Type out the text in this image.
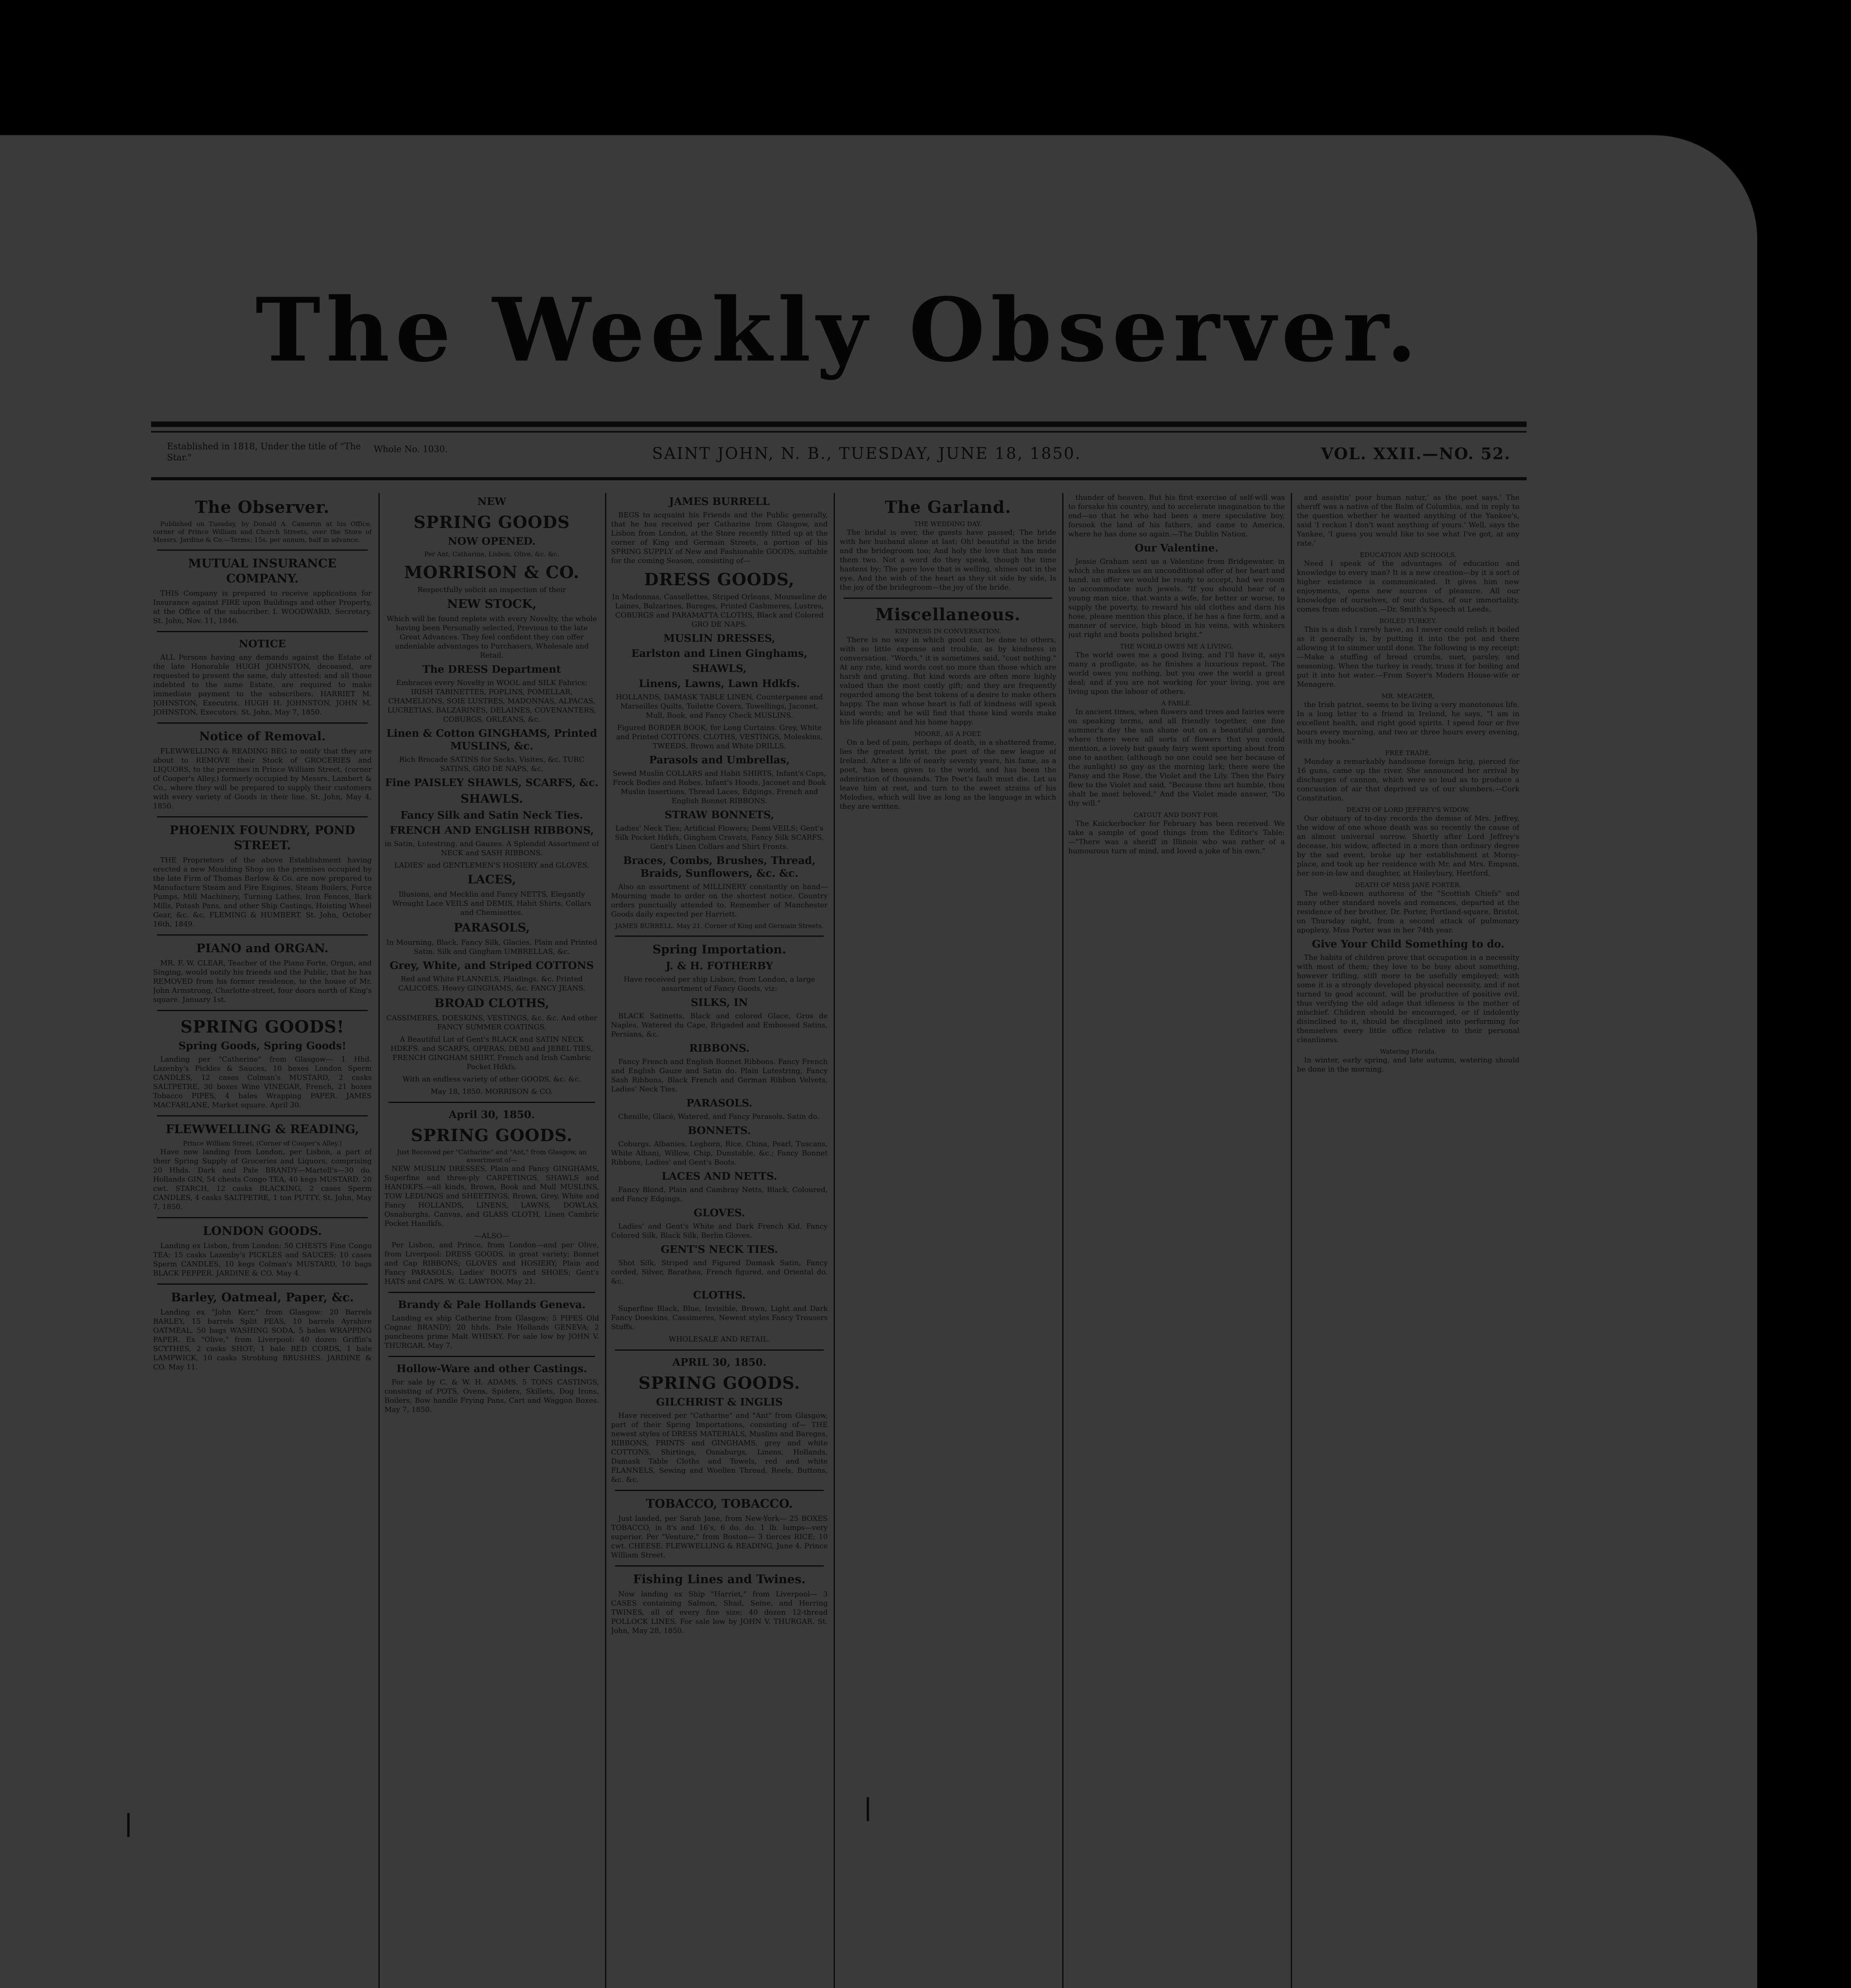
The Weekly Observer.
Established in 1818, Under the title of "The Star."
Whole No. 1030.	SAINT JOHN, N. B., TUESDAY, JUNE 18, 1850.	VOL. XXII.—NO. 52.
The Observer.

Published on Tuesday, by Donald A. Cameron at his Office, corner of Prince William and Church Streets, over the Store of Messrs. Jardine & Co.—Terms: 15s. per annum, half in advance.

MUTUAL INSURANCE COMPANY.

THIS Company is prepared to receive applications for Insurance against FIRE upon Buildings and other Property, at the Office of the subscriber. I. WOODWARD, Secretary. St. John, Nov. 11, 1846.

NOTICE

ALL Persons having any demands against the Estate of the late Honorable HUGH JOHNSTON, deceased, are requested to present the same, duly attested; and all those indebted to the same Estate, are required to make immediate payment to the subscribers. HARRIET M. JOHNSTON, Executrix. HUGH H. JOHNSTON, JOHN M. JOHNSTON, Executors. St. John, May 7, 1850.

Notice of Removal.

FLEWWELLING & READING BEG to notify that they are about to REMOVE their Stock of GROCERIES and LIQUORS, to the premises in Prince William Street, (corner of Cooper's Alley,) formerly occupied by Messrs. Lambert & Co., where they will be prepared to supply their customers with every variety of Goods in their line. St. John, May 4, 1850.

PHOENIX FOUNDRY, POND STREET.

THE Proprietors of the above Establishment having erected a new Moulding Shop on the premises occupied by the late Firm of Thomas Barlow & Co. are now prepared to Manufacture Steam and Fire Engines, Steam Boilers, Force Pumps, Mill Machinery, Turning Lathes, Iron Fences, Bark Mills, Potash Pans, and other Ship Castings, Hoisting Wheel Gear, &c. &c. FLEMING & HUMBERT. St. John, October 16th, 1849.

PIANO and ORGAN.

MR. F. W. CLEAR, Teacher of the Piano Forte, Organ, and Singing, would notify his friends and the Public, that he has REMOVED from his former residence, to the house of Mr. John Armstrong, Charlotte-street, four doors north of King's square. January 1st.

SPRING GOODS!
Spring Goods, Spring Goods!

Landing per "Catherine" from Glasgow— 1 Hhd. Lazenby's Pickles & Sauces, 10 boxes London Sperm CANDLES, 12 cases Colman's MUSTARD, 2 casks SALTPETRE, 30 boxes Wine VINEGAR, French, 21 boxes Tobacco PIPES, 4 bales Wrapping PAPER. JAMES MACFARLANE, Market square. April 30.

FLEWWELLING & READING,
Prince William Street, (Corner of Cooper's Alley.)

Have now landing from London, per Lisbon, a part of their Spring Supply of Groceries and Liquors, comprising 20 Hhds. Dark and Pale BRANDY—Martell's—30 do. Hollands GIN, 54 chests Congo TEA, 40 kegs MUSTARD, 20 cwt. STARCH, 12 casks BLACKING, 2 cases Sperm CANDLES, 4 casks SALTPETRE, 1 ton PUTTY. St. John, May 7, 1850.

LONDON GOODS.

Landing ex Lisbon, from London: 50 CHESTS Fine Congo TEA; 15 casks Lazenby's PICKLES and SAUCES; 10 cases Sperm CANDLES, 10 kegs Colman's MUSTARD, 10 bags BLACK PEPPER. JARDINE & CO. May 4.

Barley, Oatmeal, Paper, &c.

Landing ex "John Kerr," from Glasgow: 20 Barrels BARLEY, 15 barrels Split PEAS, 10 barrels Ayrshire OATMEAL, 50 bags WASHING SODA, 5 bales WRAPPING PAPER. Ex "Olive," from Liverpool: 40 dozen Griffin's SCYTHES, 2 casks SHOT; 1 bale BED CORDS, 1 bale LAMPWICK, 10 casks Strobbing BRUSHES. JARDINE & CO. May 11.

NEW
SPRING GOODS
NOW OPENED.
Per Ant, Catharine, Lisbon, Olive, &c. &c.
MORRISON & CO.
Respectfully solicit an inspection of their
NEW STOCK,

Which will be found replete with every Novelty, the whole having been Personally selected, Previous to the late Great Advances. They feel confident they can offer undeniable advantages to Purchasers, Wholesale and Retail.

The DRESS Department

Embraces every Novelty in WOOL and SILK Fabrics; IRISH TABINETTES, POPLINS, POMELLAR, CHAMELIONS, SOIE LUSTRES, MADONNAS, ALPACAS, LUCRETIAS, BALZARINES, DELAINES, COVENANTERS, COBURGS, ORLEANS, &c.

Linen & Cotton GINGHAMS, Printed MUSLINS, &c.

Rich Brocade SATINS for Sacks, Visites, &c. TURC SATINS, GRO DE NAPS, &c.

Fine PAISLEY SHAWLS, SCARFS, &c.
SHAWLS.
Fancy Silk and Satin Neck Ties.
FRENCH AND ENGLISH RIBBONS,

in Satin, Lutestring, and Gauzes. A Splendid Assortment of NECK and SASH RIBBONS.

LADIES' and GENTLEMEN'S HOSIERY and GLOVES.
LACES,

Illusions, and Mecklin and Fancy NETTS, Elegantly Wrought Lace VEILS and DEMIS, Habit Shirts, Collars and Chemisettes.

PARASOLS,

In Mourning, Black, Fancy Silk, Glacies, Plain and Printed Satin. Silk and Gingham UMBRELLAS, &c.

Grey, White, and Striped COTTONS

Red and White FLANNELS, Plaidings, &c. Printed CALICOES, Heavy GINGHAMS, &c. FANCY JEANS.

BROAD CLOTHS,

CASSIMERES, DOESKINS, VESTINGS, &c. &c. And other FANCY SUMMER COATINGS.

A Beautiful Lot of Gent's BLACK and SATIN NECK HDKFS. and SCARFS, OPERAS, DEMI and JEBEL TIES, FRENCH GINGHAM SHIRT. French and Irish Cambric Pocket Hdkfs.

With an endless variety of other GOODS, &c. &c.

May 18, 1850. MORRISON & CO.
April 30, 1850.
SPRING GOODS.
Just Received per "Catharine" and "Ant," from Glasgow, an assortment of—

NEW MUSLIN DRESSES, Plain and Fancy GINGHAMS, Superfine and three-ply CARPETINGS, SHAWLS and HANDKFS.—all kinds, Brown, Book and Mull MUSLINS, TOW LEDUNGS and SHEETINGS, Brown, Grey, White and Fancy HOLLANDS, LINENS, LAWNS, DOWLAS, Osnaburghs, Canvas, and GLASS CLOTH, Linen Cambric Pocket Handkfs.

—ALSO—

Per Lisbon, and Prince, from London—and per Olive, from Liverpool: DRESS GOODS, in great variety; Bonnet and Cap RIBBONS; GLOVES and HOSIERY; Plain and Fancy PARASOLS; Ladies' BOOTS and SHOES; Gent's HATS and CAPS. W. G. LAWTON. May 21.

Brandy & Pale Hollands Geneva.

Landing ex ship Catherine from Glasgow; 5 PIPES Old Cognac BRANDY; 20 hhds. Pale Hollands GENEVA; 2 puncheons prime Malt WHISKY. For sale low by JOHN V. THURGAR. May 7.

Hollow-Ware and other Castings.

For sale by C. & W. H. ADAMS. 5 TONS CASTINGS, consisting of POTS, Ovens, Spiders, Skillets, Dog Irons, Boilers, Bow handle Frying Pans, Cart and Waggon Boxes. May 7, 1850.

JAMES BURRELL

BEGS to acquaint his Friends and the Public generally, that he has received per Catharine from Glasgow, and Lisbon from London, at the Store recently fitted up at the corner of King and Germain Streets, a portion of his SPRING SUPPLY of New and Fashionable GOODS, suitable for the coming Season, consisting of—

DRESS GOODS,

In Madonnas, Cassellettes, Striped Orleans, Mousseline de Laines, Balzarines, Bareges, Printed Cashmeres, Lustres, COBURGS and PARAMATTA CLOTHS, Black and Colored GRO DE NAPS.

MUSLIN DRESSES,
Earlston and Linen Ginghams,
SHAWLS,
Linens, Lawns, Lawn Hdkfs.

HOLLANDS, DAMASK TABLE LINEN, Counterpanes and Marseilles Quilts, Toilette Covers, Towellings, Jaconet, Mull, Book, and Fancy Check MUSLINS.

Figured BORDER BOOK, for Long Curtains. Grey, White and Printed COTTONS. CLOTHS, VESTINGS, Moleskins, TWEEDS, Brown and White DRILLS.

Parasols and Umbrellas,

Sewed Muslin COLLARS and Habit SHIRTS, Infant's Caps, Frock Bodies and Robes, Infant's Hoods, Jaconet and Book Muslin Insertions, Thread Laces, Edgings, French and English Bonnet RIBBONS.

STRAW BONNETS,

Ladies' Neck Ties; Artificial Flowers; Demi VEILS; Gent's Silk Pocket Hdkfs, Gingham Cravats, Fancy Silk SCARFS, Gent's Linen Collars and Shirt Fronts.

Braces, Combs, Brushes, Thread, Braids, Sunflowers, &c. &c.

Also an assortment of MILLINERY constantly on hand—Mourning made to order on the shortest notice. Country orders punctually attended to. Remember of Manchester Goods daily expected per Harriett.

JAMES BURRELL. May 21. Corner of King and Germain Streets.
Spring Importation.
J. & H. FOTHERBY

Have received per ship Lisbon, from London, a large assortment of Fancy Goods, viz:

SILKS, IN

BLACK Satinetts, Black and colored Glace, Gros de Naples, Watered du Cape, Brigaded and Embossed Satins, Persians, &c.

RIBBONS.

Fancy French and English Bonnet Ribbons. Fancy French and English Gauze and Satin do. Plain Lutestring, Fancy Sash Ribbons, Black French and German Ribbon Velvets, Ladies' Neck Ties.

PARASOLS.

Chenille, Glacé, Watered, and Fancy Parasols. Satin do.

BONNETS.

Coburgs, Albanies, Leghorn, Rice, China, Pearl, Tuscans, White Albani, Willow, Chip, Dunstable, &c.; Fancy Bonnet Ribbons, Ladies' and Gent's Boots.

LACES AND NETTS.

Fancy Blond, Plain and Cambray Netts, Black, Coloured, and Fancy Edgings.

GLOVES.

Ladies' and Gent's White and Dark French Kid, Fancy Colored Silk, Black Silk, Berlin Gloves.

GENT'S NECK TIES.

Shot Silk, Striped and Figured Damask Satin, Fancy corded, Silver, Barathea, French figured, and Oriental do. &c.

CLOTHS.

Superfine Black, Blue, Invisible, Brown, Light and Dark Fancy Doeskins, Cassimeres, Newest styles Fancy Trousers Stuffs.

WHOLESALE AND RETAIL.
APRIL 30, 1850.
SPRING GOODS.
GILCHRIST & INGLIS

Have received per "Catharine" and "Ant" from Glasgow, part of their Spring Importations, consisting of— THE newest styles of DRESS MATERIALS, Muslins and Bareges, RIBBONS, PRINTS and GINGHAMS, grey and white COTTONS, Shirtings, Osnaburgs, Linens, Hollands, Damask Table Cloths and Towels, red and white FLANNELS, Sewing and Woollen Thread, Reels, Buttons, &c. &c.

TOBACCO, TOBACCO.

Just landed, per Sarah Jane, from New-York— 25 BOXES TOBACCO, in 8's and 16's, 6 do. do. 1 lb. lumps—very superior. Per "Venture," from Boston— 3 tierces RICE; 10 cwt. CHEESE. FLEWWELLING & READING, June 4. Prince William Street.

Fishing Lines and Twines.

Now landing ex Ship "Harriet," from Liverpool— 3 CASES containing Salmon, Shad, Seine, and Herring TWINES, all of every fine size; 40 dozen 12-thread POLLOCK LINES. For sale low by JOHN V. THURGAR. St. John, May 28, 1850.

The Garland.
THE WEDDING DAY.

The bridal is over, the guests have passed; The bride with her husband alone at last; Oh! beautiful is the bride and the bridegroom too; And holy the love that has made them two. Not a word do they speak, though the time hastens by; The pure love that is welling, shines out in the eye. And the wish of the heart as they sit side by side, Is the joy of the bridegroom—the joy of the bride.

Miscellaneous.
KINDNESS IN CONVERSATION.

There is no way in which good can be done to others, with so little expense and trouble, as by kindness in conversation. "Words," it is sometimes said, "cost nothing." At any rate, kind words cost no more than those which are harsh and grating. But kind words are often more highly valued than the most costly gift; and they are frequently regarded among the best tokens of a desire to make others happy. The man whose heart is full of kindness will speak kind words; and he will find that those kind words make his life pleasant and his home happy.

MOORE, AS A POET.

On a bed of pain, perhaps of death, in a shattered frame, lies the greatest lyrist, the poet of the new league of Ireland. After a life of nearly seventy years, his fame, as a poet, has been given to the world, and has been the admiration of thousands. The Poet's fault must die. Let us leave him at rest, and turn to the sweet strains of his Melodies, which will live as long as the language in which they are written.

thunder of heaven. But his first exercise of self-will was to forsake his country, and to accelerate imagination to the end—so that he who had been a mere speculative boy, forsook the land of his fathers, and came to America, where he has done so again.—The Dublin Nation.

Our Valentine.

Jessie Graham sent us a Valentine from Bridgewater, in which she makes us an unconditional offer of her heart and hand, an offer we would be ready to accept, had we room to accommodate such jewels. "If you should hear of a young man nice, that wants a wife, for better or worse, to supply the poverty, to reward his old clothes and darn his hose, please mention this place, if he has a fine form, and a manner of service, high blood in his veins, with whiskers just right and boots polished bright."

THE WORLD OWES ME A LIVING.

The world owes me a good living, and I'll have it, says many a profligate, as he finishes a luxurious repast. The world owes you nothing, but you owe the world a great deal; and if you are not working for your living, you are living upon the labour of others.

A FABLE.

In ancient times, when flowers and trees and fairies were on speaking terms, and all friendly together, one fine summer's day the sun shone out on a beautiful garden, where there were all sorts of flowers that you could mention, a lovely but gaudy fairy went sporting about from one to another, (although no one could see her because of the sunlight) so gay as the morning lark; there were the Pansy and the Rose, the Violet and the Lily. Then the Fairy flew to the Violet and said, "Because thou art humble, thou shalt be most beloved." And the Violet made answer, "Do thy will."

CATGUT AND DONT FOR.

The Knickerbocker for February has been received. We take a sample of good things from the Editor's Table:—"There was a sheriff in Illinois who was rather of a humourous turn of mind, and loved a joke of his own."

and assistin' poor human natur,' as the poet says.' The sheriff was a native of the Balm of Columbia, and in reply to the question whether he wanted anything of the Yankee's, said 'I reckon I don't want anything of yours.' Well, says the Yankee, 'I guess you would like to see what I've got, at any rate.'

EDUCATION AND SCHOOLS.

Need I speak of the advantages of education and knowledge to every man? It is a new creation—by it a sort of higher existence is communicated. It gives him new enjoyments, opens new sources of pleasure. All our knowledge of ourselves, of our duties, of our immortality, comes from education.—Dr. Smith's Speech at Leeds.

BOILED TURKEY.

This is a dish I rarely have, as I never could relish it boiled as it generally is, by putting it into the pot and there allowing it to simmer until done. The following is my receipt:—Make a stuffing of bread crumbs, suet, parsley, and seasoning. When the turkey is ready, truss it for boiling and put it into hot water.—From Soyer's Modern House-wife or Menagere.

MR. MEAGHER,

the Irish patriot, seems to be living a very monotonous life. In a long letter to a friend in Ireland, he says, "I am in excellent health, and right good spirits. I spend four or five hours every morning, and two or three hours every evening, with my books."

FREE TRADE.

Monday a remarkably handsome foreign brig, pierced for 16 guns, came up the river. She announced her arrival by discharges of cannon, which were so loud as to produce a concussion of air that deprived us of our slumbers.—Cork Constitution.

DEATH OF LORD JEFFREY'S WIDOW.

Our obituary of to-day records the demise of Mrs. Jeffrey, the widow of one whose death was so recently the cause of an almost universal sorrow. Shortly after Lord Jeffrey's decease, his widow, affected in a more than ordinary degree by the sad event, broke up her establishment at Moray-place, and took up her residence with Mr. and Mrs. Empson, her son-in-law and daughter, at Haileybury, Hertford.

DEATH OF MISS JANE PORTER.

The well-known authoress of the "Scottish Chiefs" and many other standard novels and romances, departed at the residence of her brother, Dr. Porter, Portland-square, Bristol, on Thursday night, from a second attack of pulmonary apoplexy. Miss Porter was in her 74th year.

Give Your Child Something to do.

The habits of children prove that occupation is a necessity with most of them; they love to be busy about something, however trifling, still more to be usefully employed; with some it is a strongly developed physical necessity, and if not turned to good account, will be productive of positive evil, thus verifying the old adage that idleness is the mother of mischief. Children should be encouraged, or if indolently disinclined to it, should be disciplined into performing for themselves every little office relative to their personal cleanliness.

Watering Florida.

In winter, early spring, and late autumn, watering should be done in the morning.
